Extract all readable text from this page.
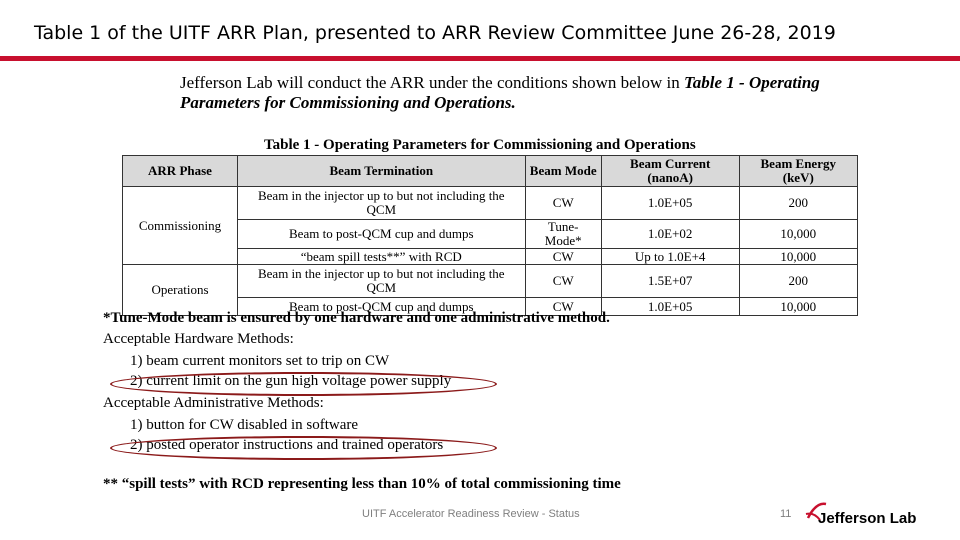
Table 1 of the UITF ARR Plan, presented to ARR Review Committee June 26-28, 2019
Jefferson Lab will conduct the ARR under the conditions shown below in Table 1 - Operating Parameters for Commissioning and Operations.
Table 1 - Operating Parameters for Commissioning and Operations
ARR Phase	Beam Termination	Beam Mode	Beam Current (nanoA)	Beam Energy (keV)
Commissioning	Beam in the injector up to but not including the QCM	CW	1.0E+05	200
	Beam to post-QCM cup and dumps	Tune-Mode*	1.0E+02	10,000
	“beam spill tests**” with RCD	CW	Up to 1.0E+4	10,000
Operations	Beam in the injector up to but not including the QCM	CW	1.5E+07	200
	Beam to post-QCM cup and dumps	CW	1.0E+05	10,000
*Tune-Mode beam is ensured by one hardware and one administrative method.
Acceptable Hardware Methods:
1) beam current monitors set to trip on CW
2) current limit on the gun high voltage power supply
Acceptable Administrative Methods:
1) button for CW disabled in software
2) posted operator instructions and trained operators
** “spill tests” with RCD representing less than 10% of total commissioning time
UITF Accelerator Readiness Review - Status	11 Jefferson Lab
